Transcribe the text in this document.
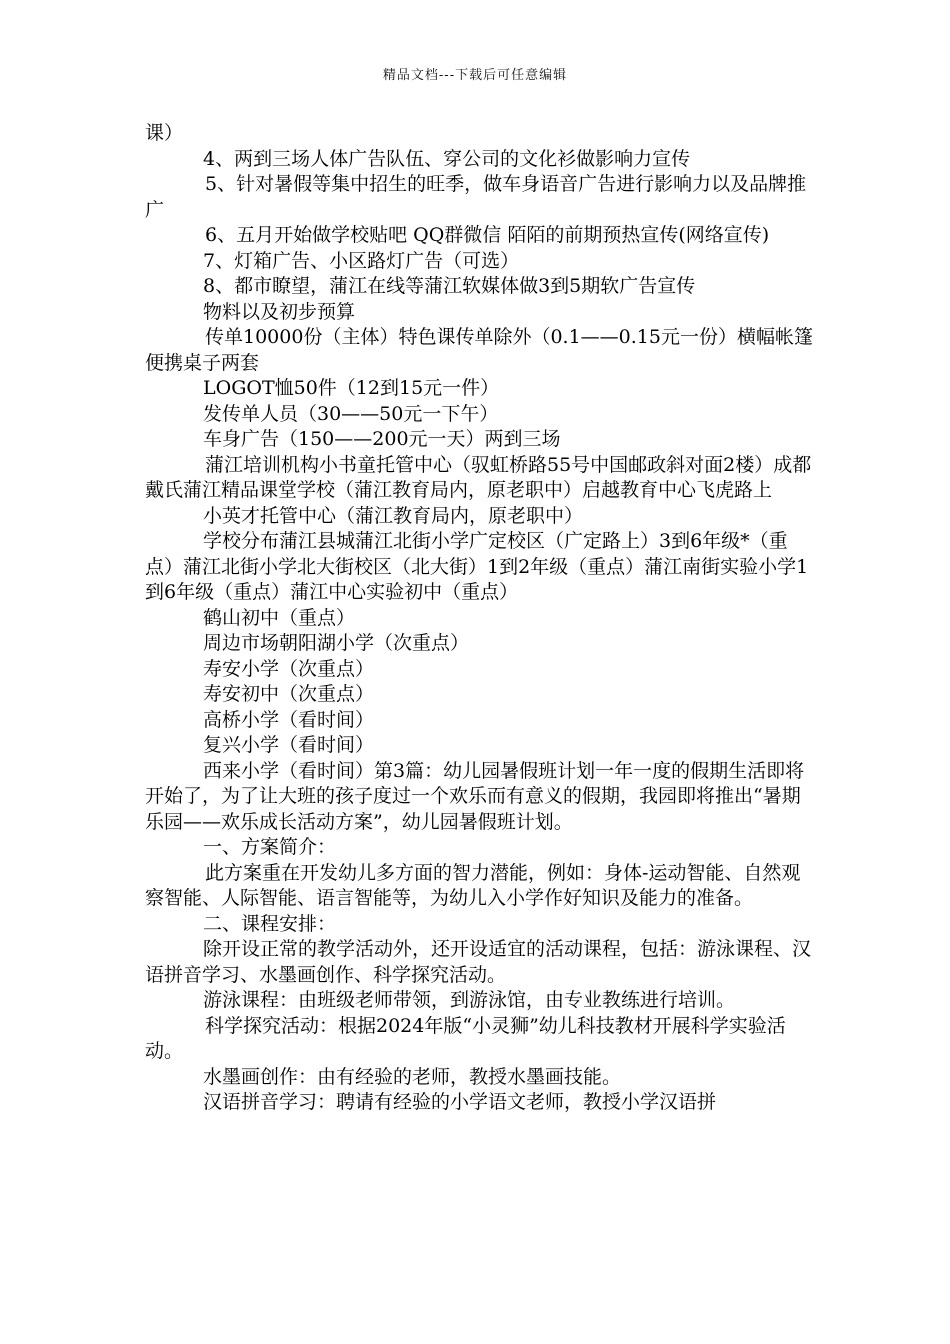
精品文档---下载后可任意编辑

课）

4、两到三场人体广告队伍、穿公司的文化衫做影响力宣传

5、针对暑假等集中招生的旺季，做车身语音广告进行影响力以及品牌推广

6、五月开始做学校贴吧 QQ群微信 陌陌的前期预热宣传(网络宣传)

7、灯箱广告、小区路灯广告（可选）

8、都市瞭望，蒲江在线等蒲江软媒体做3到5期软广告宣传

物料以及初步预算

传单10000份（主体）特色课传单除外（0.1——0.15元一份）横幅帐篷便携桌子两套

LOGOT恤50件（12到15元一件）

发传单人员（30——50元一下午）

车身广告（150——200元一天）两到三场

蒲江培训机构小书童托管中心（驭虹桥路55号中国邮政斜对面2楼）成都戴氏蒲江精品课堂学校（蒲江教育局内，原老职中）启越教育中心飞虎路上

小英才托管中心（蒲江教育局内，原老职中）

学校分布蒲江县城蒲江北街小学广定校区（广定路上）3到6年级*（重点）蒲江北街小学北大街校区（北大街）1到2年级（重点）蒲江南街实验小学1到6年级（重点）蒲江中心实验初中（重点）

鹤山初中（重点）

周边市场朝阳湖小学（次重点）

寿安小学（次重点）

寿安初中（次重点）

高桥小学（看时间）

复兴小学（看时间）

西来小学（看时间）第3篇：幼儿园暑假班计划一年一度的假期生活即将开始了，为了让大班的孩子度过一个欢乐而有意义的假期，我园即将推出“暑期乐园——欢乐成长活动方案”，幼儿园暑假班计划。

一、方案简介：

此方案重在开发幼儿多方面的智力潜能，例如：身体-运动智能、自然观察智能、人际智能、语言智能等，为幼儿入小学作好知识及能力的准备。

二、课程安排：

除开设正常的教学活动外，还开设适宜的活动课程，包括：游泳课程、汉语拼音学习、水墨画创作、科学探究活动。

游泳课程：由班级老师带领，到游泳馆，由专业教练进行培训。

科学探究活动：根据2024年版“小灵狮”幼儿科技教材开展科学实验活动。

水墨画创作：由有经验的老师，教授水墨画技能。

汉语拼音学习：聘请有经验的小学语文老师，教授小学汉语拼
